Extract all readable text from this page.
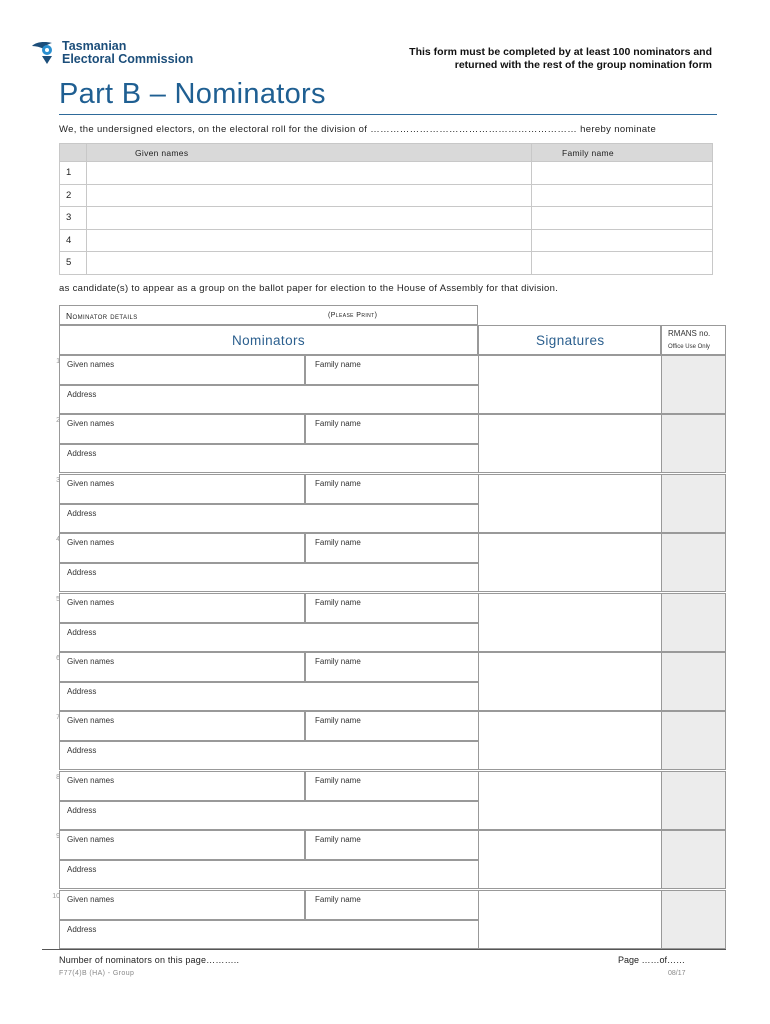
Tasmanian
Electoral Commission	This form must be completed by at least 100 nominators and
returned with the rest of the group nomination form
Part B – Nominators
We, the undersigned electors, on the electoral roll for the division of ……………………………………………………… hereby nominate
	Given names	Family name
1		
2		
3		
4		
5		
as candidate(s) to appear as a group on the ballot paper for election to the House of Assembly for that division.
Nominator details	(Please Print)
Nominators	Signatures	RMANS no.
Office Use Only
1 Given names	Family name
Address
2 Given names	Family name
Address
3 Given names	Family name
Address
4 Given names	Family name
Address
5 Given names	Family name
Address
6 Given names	Family name
Address
7 Given names	Family name
Address
8 Given names	Family name
Address
9 Given names	Family name
Address
10 Given names	Family name
Address
Number of nominators on this page………..	Page ……of……
F77(4)B (HA) - Group	08/17
